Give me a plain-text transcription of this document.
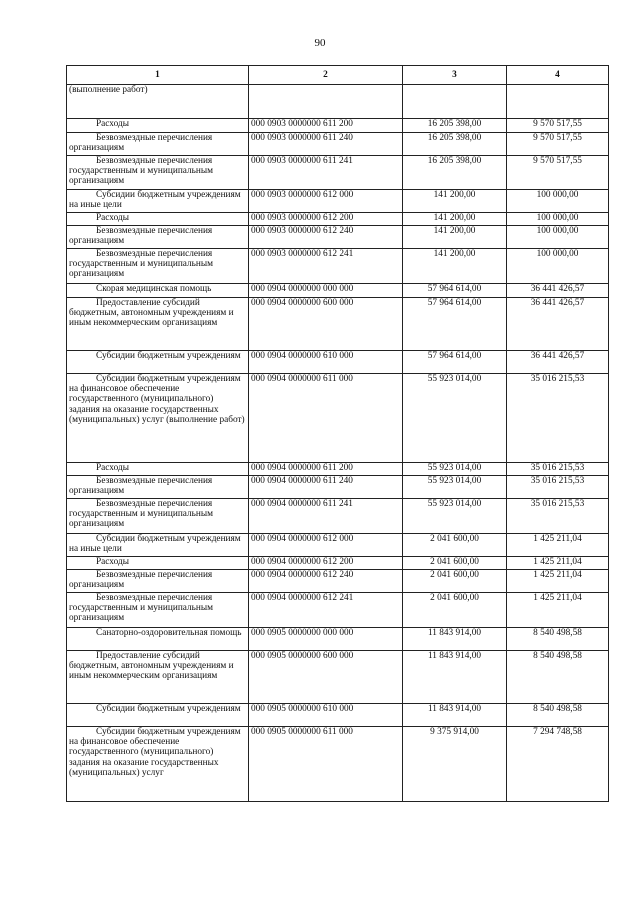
90
1	2	3	4
(выполнение работ)			
Расходы	000 0903 0000000 611 200	16 205 398,00	9 570 517,55
Безвозмездные перечисления организациям	000 0903 0000000 611 240	16 205 398,00	9 570 517,55
Безвозмездные перечисления государственным и муниципальным организациям	000 0903 0000000 611 241	16 205 398,00	9 570 517,55
Субсидии бюджетным учреждениям на иные цели	000 0903 0000000 612 000	141 200,00	100 000,00
Расходы	000 0903 0000000 612 200	141 200,00	100 000,00
Безвозмездные перечисления организациям	000 0903 0000000 612 240	141 200,00	100 000,00
Безвозмездные перечисления государственным и муниципальным организациям	000 0903 0000000 612 241	141 200,00	100 000,00
Скорая медицинская помощь	000 0904 0000000 000 000	57 964 614,00	36 441 426,57
Предоставление субсидий бюджетным, автономным учреждениям и иным некоммерческим организациям	000 0904 0000000 600 000	57 964 614,00	36 441 426,57
Субсидии бюджетным учреждениям	000 0904 0000000 610 000	57 964 614,00	36 441 426,57
Субсидии бюджетным учреждениям на финансовое обеспечение государственного (муниципального) задания на оказание государственных (муниципальных) услуг (выполнение работ)	000 0904 0000000 611 000	55 923 014,00	35 016 215,53
Расходы	000 0904 0000000 611 200	55 923 014,00	35 016 215,53
Безвозмездные перечисления организациям	000 0904 0000000 611 240	55 923 014,00	35 016 215,53
Безвозмездные перечисления государственным и муниципальным организациям	000 0904 0000000 611 241	55 923 014,00	35 016 215,53
Субсидии бюджетным учреждениям на иные цели	000 0904 0000000 612 000	2 041 600,00	1 425 211,04
Расходы	000 0904 0000000 612 200	2 041 600,00	1 425 211,04
Безвозмездные перечисления организациям	000 0904 0000000 612 240	2 041 600,00	1 425 211,04
Безвозмездные перечисления государственным и муниципальным организациям	000 0904 0000000 612 241	2 041 600,00	1 425 211,04
Санаторно-оздоровительная помощь	000 0905 0000000 000 000	11 843 914,00	8 540 498,58
Предоставление субсидий бюджетным, автономным учреждениям и иным некоммерческим организациям	000 0905 0000000 600 000	11 843 914,00	8 540 498,58
Субсидии бюджетным учреждениям	000 0905 0000000 610 000	11 843 914,00	8 540 498,58
Субсидии бюджетным учреждениям на финансовое обеспечение государственного (муниципального) задания на оказание государственных (муниципальных) услуг	000 0905 0000000 611 000	9 375 914,00	7 294 748,58
